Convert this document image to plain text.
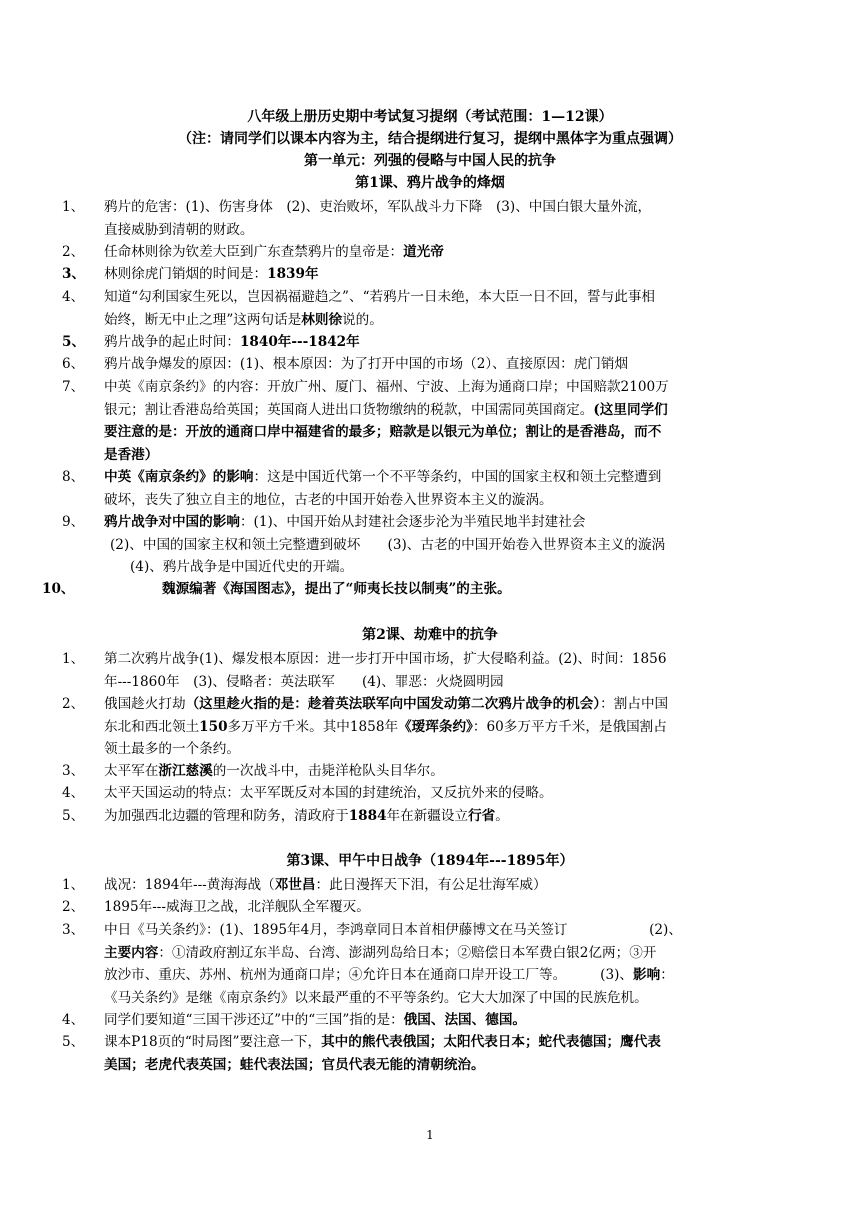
八年级上册历史期中考试复习提纲（考试范围：1—12课）
（注：请同学们以课本内容为主，结合提纲进行复习，提纲中黑体字为重点强调）
第一单元：列强的侵略与中国人民的抗争
第1课、鸦片战争的烽烟
1、	鸦片的危害：(1)、伤害身体　(2)、吏治败坏，军队战斗力下降　(3)、中国白银大量外流，
直接威胁到清朝的财政。
2、	任命林则徐为钦差大臣到广东查禁鸦片的皇帝是：道光帝
3、	林则徐虎门销烟的时间是：1839年
4、	知道“勾利国家生死以，岂因祸福避趋之”、“若鸦片一日未绝，本大臣一日不回，誓与此事相
始终，断无中止之理”这两句话是林则徐说的。
5、	鸦片战争的起止时间：1840年---1842年
6、	鸦片战争爆发的原因：(1)、根本原因：为了打开中国的市场（2）、直接原因：虎门销烟
7、	中英《南京条约》的内容：开放广州、厦门、福州、宁波、上海为通商口岸；中国赔款2100万
银元；割让香港岛给英国；英国商人进出口货物缴纳的税款，中国需同英国商定。(这里同学们
要注意的是：开放的通商口岸中福建省的最多；赔款是以银元为单位；割让的是香港岛，而不
是香港）
8、	中英《南京条约》的影响：这是中国近代第一个不平等条约，中国的国家主权和领土完整遭到
破坏，丧失了独立自主的地位，古老的中国开始卷入世界资本主义的漩涡。
9、	鸦片战争对中国的影响：(1)、中国开始从封建社会逐步沦为半殖民地半封建社会
(2)、中国的国家主权和领土完整遭到破坏　　(3)、古老的中国开始卷入世界资本主义的漩涡
(4)、鸦片战争是中国近代史的开端。
10、	魏源编著《海国图志》，提出了“师夷长技以制夷”的主张。
第2课、劫难中的抗争
1、	第二次鸦片战争(1)、爆发根本原因：进一步打开中国市场，扩大侵略利益。(2)、时间：1856
年---1860年　(3)、侵略者：英法联军　　(4)、罪恶：火烧圆明园
2、	俄国趁火打劫（这里趁火指的是：趁着英法联军向中国发动第二次鸦片战争的机会）：割占中国
东北和西北领土150多万平方千米。其中1858年《瑷珲条约》：60多万平方千米，是俄国割占
领土最多的一个条约。
3、	太平军在浙江慈溪的一次战斗中，击毙洋枪队头目华尔。
4、	太平天国运动的特点：太平军既反对本国的封建统治，又反抗外来的侵略。
5、	为加强西北边疆的管理和防务，清政府于1884年在新疆设立行省。
第3课、甲午中日战争（1894年---1895年）
1、	战况：1894年---黄海海战（邓世昌：此日漫挥天下泪，有公足壮海军威）
2、	1895年---威海卫之战，北洋舰队全军覆灭。
3、	中日《马关条约》：(1)、1895年4月，李鸿章同日本首相伊藤博文在马关签订　　　　　　(2)、
主要内容：①清政府割辽东半岛、台湾、澎湖列岛给日本；②赔偿日本军费白银2亿两；③开
放沙市、重庆、苏州、杭州为通商口岸；④允许日本在通商口岸开设工厂等。　　　(3)、影响：
《马关条约》是继《南京条约》以来最严重的不平等条约。它大大加深了中国的民族危机。
4、	同学们要知道“三国干涉还辽”中的“三国”指的是：俄国、法国、德国。
5、	课本P18页的“时局图”要注意一下，其中的熊代表俄国；太阳代表日本；蛇代表德国；鹰代表
美国；老虎代表英国；蛙代表法国；官员代表无能的清朝统治。
1
